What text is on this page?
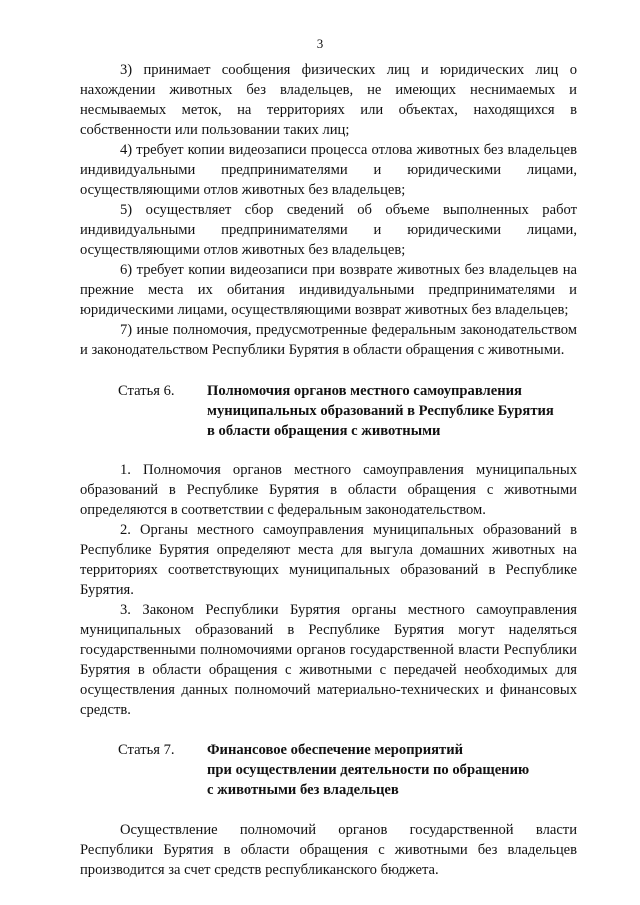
3

3) принимает сообщения физических лиц и юридических лиц о нахождении животных без владельцев, не имеющих неснимаемых и несмываемых меток, на территориях или объектах, находящихся в собственности или пользовании таких лиц;

4) требует копии видеозаписи процесса отлова животных без владельцев индивидуальными предпринимателями и юридическими лицами, осуществляющими отлов животных без владельцев;

5) осуществляет сбор сведений об объеме выполненных работ индивидуальными предпринимателями и юридическими лицами, осуществляющими отлов животных без владельцев;

6) требует копии видеозаписи при возврате животных без владельцев на прежние места их обитания индивидуальными предпринимателями и юридическими лицами, осуществляющими возврат животных без владельцев;

7) иные полномочия, предусмотренные федеральным законодательством и законодательством Республики Бурятия в области обращения с животными.

Статья 6.	Полномочия органов местного самоуправления
муниципальных образований в Республике Бурятия
в области обращения с животными

1. Полномочия органов местного самоуправления муниципальных образований в Республике Бурятия в области обращения с животными определяются в соответствии с федеральным законодательством.

2. Органы местного самоуправления муниципальных образований в Республике Бурятия определяют места для выгула домашних животных на территориях соответствующих муниципальных образований в Республике Бурятия.

3. Законом Республики Бурятия органы местного самоуправления муниципальных образований в Республике Бурятия могут наделяться государственными полномочиями органов государственной власти Республики Бурятия в области обращения с животными с передачей необходимых для осуществления данных полномочий материально-технических и финансовых средств.

Статья 7.	Финансовое обеспечение мероприятий
при осуществлении деятельности по обращению
с животными без владельцев

Осуществление полномочий органов государственной власти Республики Бурятия в области обращения с животными без владельцев производится за счет средств республиканского бюджета.
